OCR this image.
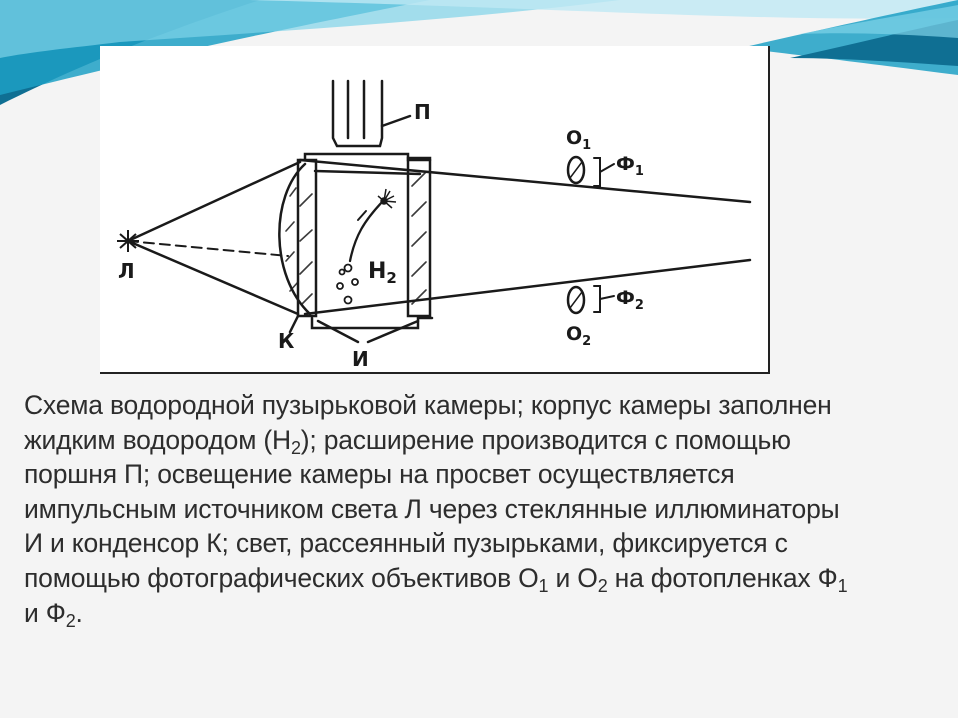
Л
П
К
И
$H_2$
$O_1$
$O_2$
$Ф_1$
$Ф_2$
Схема водородной пузырьковой камеры; корпус камеры заполнен
жидким водородом $(H_2)$; расширение производится с помощью
поршня П; освещение камеры на просвет осуществляется
импульсным источником света Л через стеклянные иллюминаторы
И и конденсор К; свет, рассеянный пузырьками, фиксируется с
помощью фотографических объективов $O_1$ и $O_2$ на фотопленках $Ф_1$
и $Ф_2$.
